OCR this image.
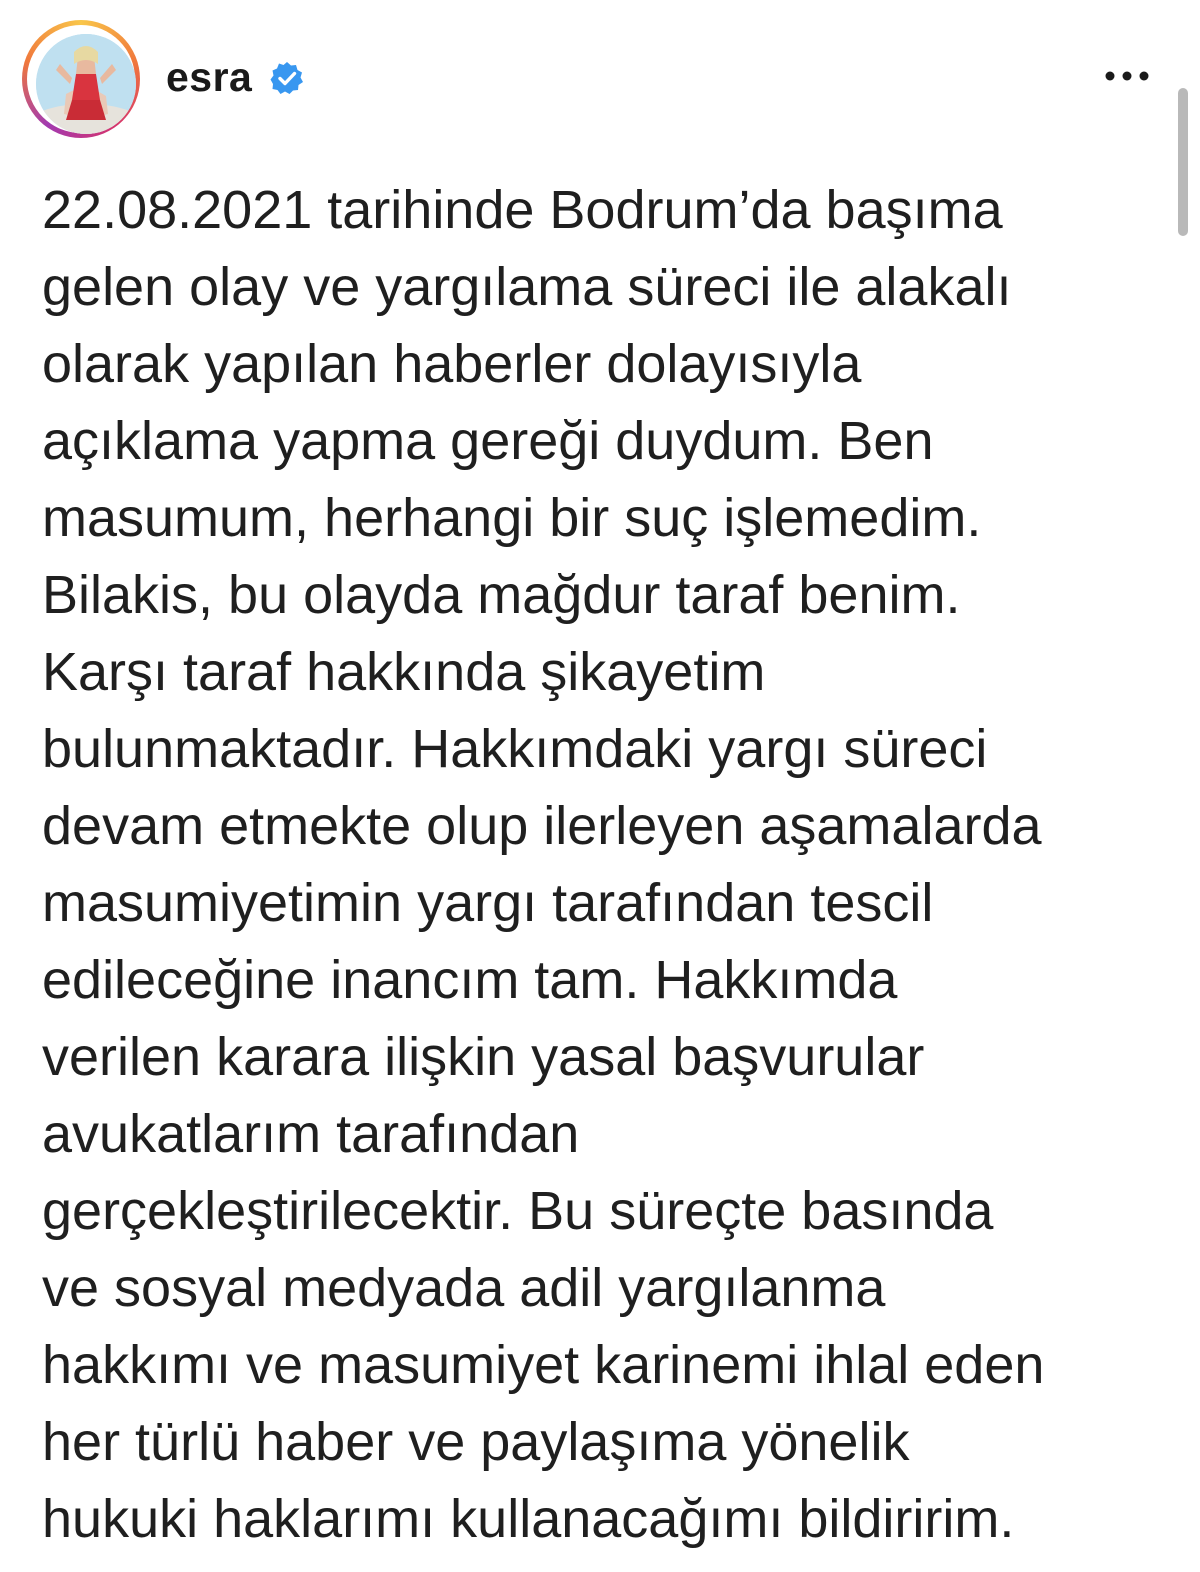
esra

22.08.2021 tarihinde Bodrum’da başıma
gelen olay ve yargılama süreci ile alakalı
olarak yapılan haberler dolayısıyla
açıklama yapma gereği duydum. Ben
masumum, herhangi bir suç işlemedim.
Bilakis, bu olayda mağdur taraf benim.
Karşı taraf hakkında şikayetim
bulunmaktadır. Hakkımdaki yargı süreci
devam etmekte olup ilerleyen aşamalarda
masumiyetimin yargı tarafından tescil
edileceğine inancım tam. Hakkımda
verilen karara ilişkin yasal başvurular
avukatlarım tarafından
gerçekleştirilecektir. Bu süreçte basında
ve sosyal medyada adil yargılanma
hakkımı ve masumiyet karinemi ihlal eden
her türlü haber ve paylaşıma yönelik
hukuki haklarımı kullanacağımı bildiririm.
